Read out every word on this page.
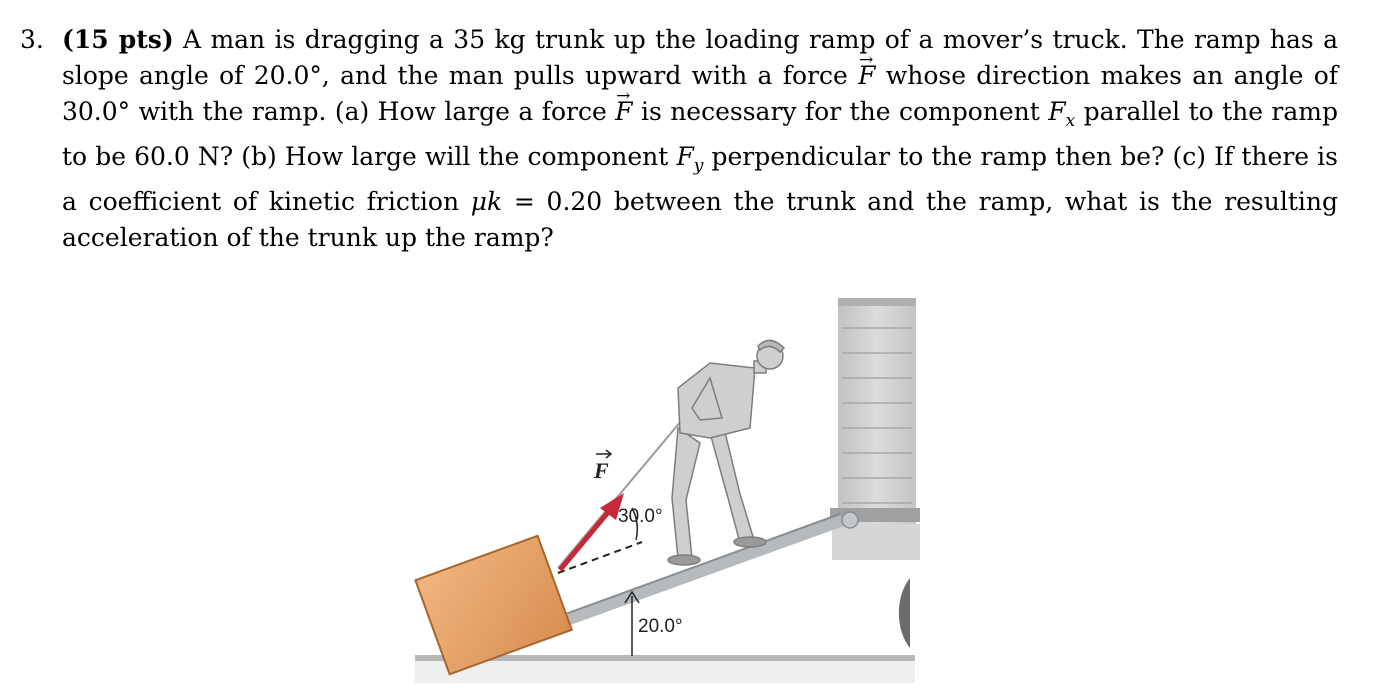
3. (15 pts) A man is dragging a 35 kg trunk up the loading ramp of a mover’s truck. The ramp has a slope angle of 20.0°, and the man pulls upward with a force → F whose direction makes an angle of 30.0° with the ramp. (a) How large a force → F is necessary for the component $F_x$ parallel to the ramp to be 60.0 N? (b) How large will the component $F_y$ perpendicular to the ramp then be? (c) If there is a coefficient of kinetic friction μk = 0.20 between the trunk and the ramp, what is the resulting acceleration of the trunk up the ramp?
20.0°
30.0°
F
